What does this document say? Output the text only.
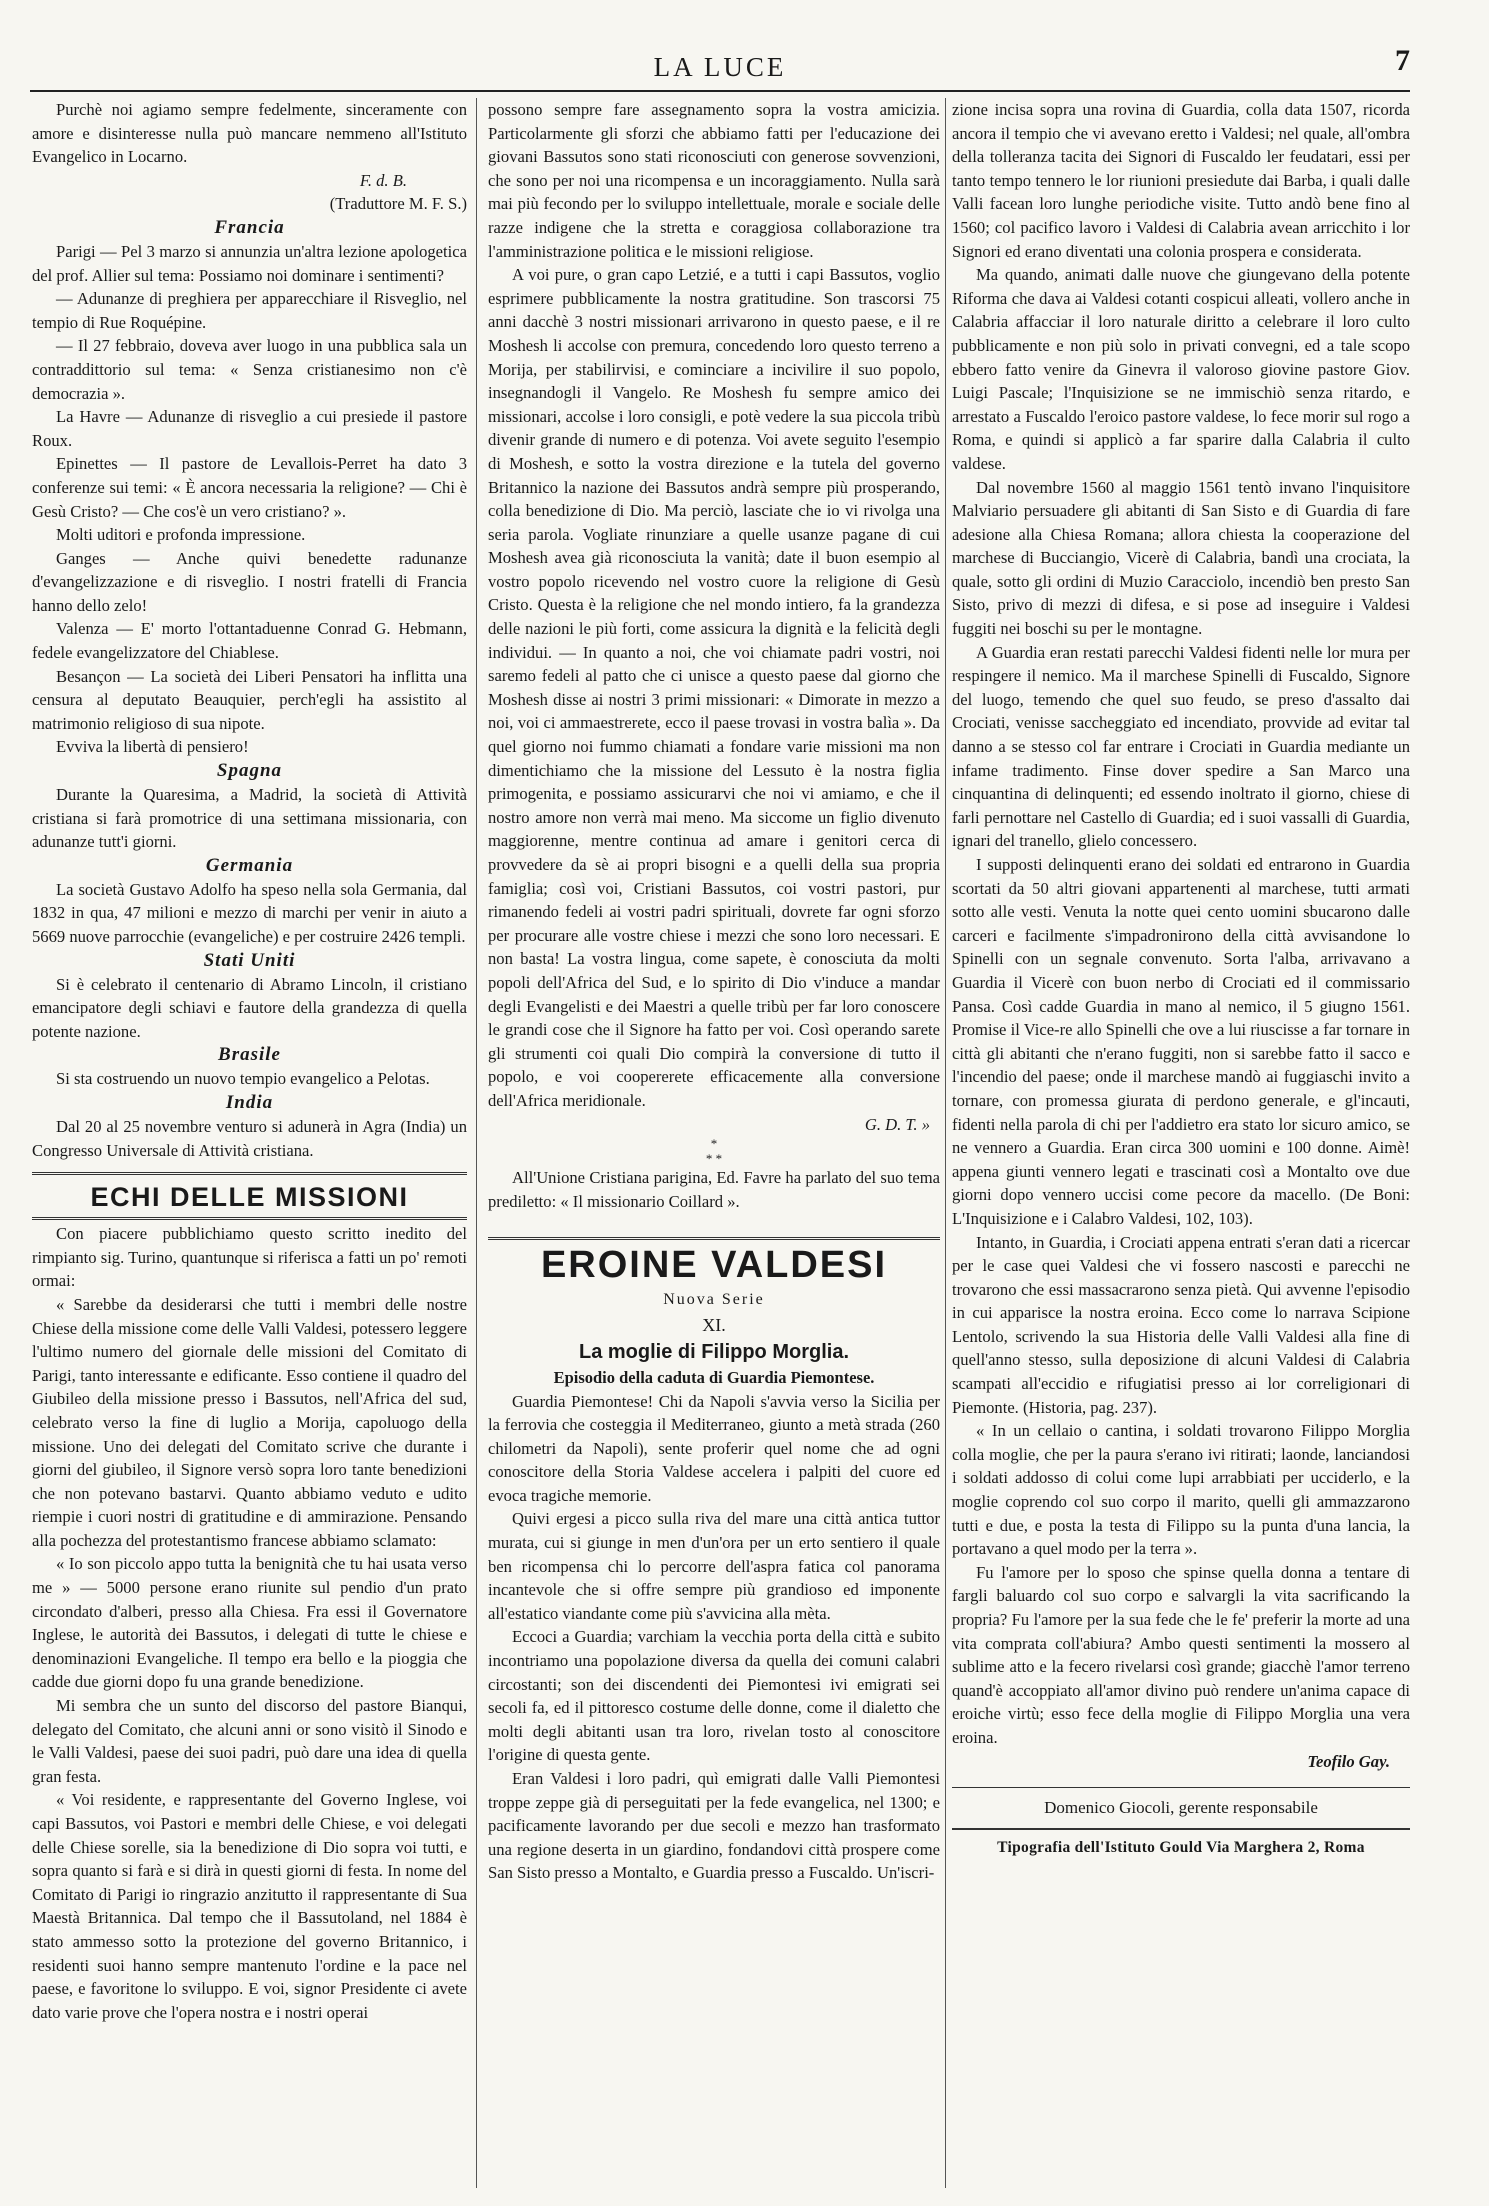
LA LUCE	7

Purchè noi agiamo sempre fedelmente, sinceramente con amore e disinteresse nulla può mancare nemmeno all'Istituto Evangelico in Locarno.

F. d. B.

(Traduttore M. F. S.)

Francia

Parigi — Pel 3 marzo si annunzia un'altra lezione apologetica del prof. Allier sul tema: Possiamo noi dominare i sentimenti?

— Adunanze di preghiera per apparecchiare il Risveglio, nel tempio di Rue Roquépine.

— Il 27 febbraio, doveva aver luogo in una pubblica sala un contraddittorio sul tema: « Senza cristianesimo non c'è democrazia ».

La Havre — Adunanze di risveglio a cui presiede il pastore Roux.

Epinettes — Il pastore de Levallois-Perret ha dato 3 conferenze sui temi: « È ancora necessaria la religione? — Chi è Gesù Cristo? — Che cos'è un vero cristiano? ».

Molti uditori e profonda impressione.

Ganges — Anche quivi benedette radunanze d'evangelizzazione e di risveglio. I nostri fratelli di Francia hanno dello zelo!

Valenza — E' morto l'ottantaduenne Conrad G. Hebmann, fedele evangelizzatore del Chiablese.

Besançon — La società dei Liberi Pensatori ha inflitta una censura al deputato Beauquier, perch'egli ha assistito al matrimonio religioso di sua nipote.

Evviva la libertà di pensiero!

Spagna

Durante la Quaresima, a Madrid, la società di Attività cristiana si farà promotrice di una settimana missionaria, con adunanze tutt'i giorni.

Germania

La società Gustavo Adolfo ha speso nella sola Germania, dal 1832 in qua, 47 milioni e mezzo di marchi per venir in aiuto a 5669 nuove parrocchie (evangeliche) e per costruire 2426 templi.

Stati Uniti

Si è celebrato il centenario di Abramo Lincoln, il cristiano emancipatore degli schiavi e fautore della grandezza di quella potente nazione.

Brasile

Si sta costruendo un nuovo tempio evangelico a Pelotas.

India

Dal 20 al 25 novembre venturo si adunerà in Agra (India) un Congresso Universale di Attività cristiana.

ECHI DELLE MISSIONI

Con piacere pubblichiamo questo scritto inedito del rimpianto sig. Turino, quantunque si riferisca a fatti un po' remoti ormai:

« Sarebbe da desiderarsi che tutti i membri delle nostre Chiese della missione come delle Valli Valdesi, potessero leggere l'ultimo numero del giornale delle missioni del Comitato di Parigi, tanto interessante e edificante. Esso contiene il quadro del Giubileo della missione presso i Bassutos, nell'Africa del sud, celebrato verso la fine di luglio a Morija, capoluogo della missione. Uno dei delegati del Comitato scrive che durante i giorni del giubileo, il Signore versò sopra loro tante benedizioni che non potevano bastarvi. Quanto abbiamo veduto e udito riempie i cuori nostri di gratitudine e di ammirazione. Pensando alla pochezza del protestantismo francese abbiamo sclamato:

« Io son piccolo appo tutta la benignità che tu hai usata verso me » — 5000 persone erano riunite sul pendio d'un prato circondato d'alberi, presso alla Chiesa. Fra essi il Governatore Inglese, le autorità dei Bassutos, i delegati di tutte le chiese e denominazioni Evangeliche. Il tempo era bello e la pioggia che cadde due giorni dopo fu una grande benedizione.

Mi sembra che un sunto del discorso del pastore Bianqui, delegato del Comitato, che alcuni anni or sono visitò il Sinodo e le Valli Valdesi, paese dei suoi padri, può dare una idea di quella gran festa.

« Voi residente, e rappresentante del Governo Inglese, voi capi Bassutos, voi Pastori e membri delle Chiese, e voi delegati delle Chiese sorelle, sia la benedizione di Dio sopra voi tutti, e sopra quanto si farà e si dirà in questi giorni di festa. In nome del Comitato di Parigi io ringrazio anzitutto il rappresentante di Sua Maestà Britannica. Dal tempo che il Bassutoland, nel 1884 è stato ammesso sotto la protezione del governo Britannico, i residenti suoi hanno sempre mantenuto l'ordine e la pace nel paese, e favoritone lo sviluppo. E voi, signor Presidente ci avete dato varie prove che l'opera nostra e i nostri operai

possono sempre fare assegnamento sopra la vostra amicizia. Particolarmente gli sforzi che abbiamo fatti per l'educazione dei giovani Bassutos sono stati riconosciuti con generose sovvenzioni, che sono per noi una ricompensa e un incoraggiamento. Nulla sarà mai più fecondo per lo sviluppo intellettuale, morale e sociale delle razze indigene che la stretta e coraggiosa collaborazione tra l'amministrazione politica e le missioni religiose.

A voi pure, o gran capo Letzié, e a tutti i capi Bassutos, voglio esprimere pubblicamente la nostra gratitudine. Son trascorsi 75 anni dacchè 3 nostri missionari arrivarono in questo paese, e il re Moshesh li accolse con premura, concedendo loro questo terreno a Morija, per stabilirvisi, e cominciare a incivilire il suo popolo, insegnandogli il Vangelo. Re Moshesh fu sempre amico dei missionari, accolse i loro consigli, e potè vedere la sua piccola tribù divenir grande di numero e di potenza. Voi avete seguito l'esempio di Moshesh, e sotto la vostra direzione e la tutela del governo Britannico la nazione dei Bassutos andrà sempre più prosperando, colla benedizione di Dio. Ma perciò, lasciate che io vi rivolga una seria parola. Vogliate rinunziare a quelle usanze pagane di cui Moshesh avea già riconosciuta la vanità; date il buon esempio al vostro popolo ricevendo nel vostro cuore la religione di Gesù Cristo. Questa è la religione che nel mondo intiero, fa la grandezza delle nazioni le più forti, come assicura la dignità e la felicità degli individui. — In quanto a noi, che voi chiamate padri vostri, noi saremo fedeli al patto che ci unisce a questo paese dal giorno che Moshesh disse ai nostri 3 primi missionari: « Dimorate in mezzo a noi, voi ci ammaestrerete, ecco il paese trovasi in vostra balìa ». Da quel giorno noi fummo chiamati a fondare varie missioni ma non dimentichiamo che la missione del Lessuto è la nostra figlia primogenita, e possiamo assicurarvi che noi vi amiamo, e che il nostro amore non verrà mai meno. Ma siccome un figlio divenuto maggiorenne, mentre continua ad amare i genitori cerca di provvedere da sè ai propri bisogni e a quelli della sua propria famiglia; così voi, Cristiani Bassutos, coi vostri pastori, pur rimanendo fedeli ai vostri padri spirituali, dovrete far ogni sforzo per procurare alle vostre chiese i mezzi che sono loro necessari. E non basta! La vostra lingua, come sapete, è conosciuta da molti popoli dell'Africa del Sud, e lo spirito di Dio v'induce a mandar degli Evangelisti e dei Maestri a quelle tribù per far loro conoscere le grandi cose che il Signore ha fatto per voi. Così operando sarete gli strumenti coi quali Dio compirà la conversione di tutto il popolo, e voi coopererete efficacemente alla conversione dell'Africa meridionale.

G. D. T. »

*
* *

All'Unione Cristiana parigina, Ed. Favre ha parlato del suo tema prediletto: « Il missionario Coillard ».

EROINE VALDESI

Nuova Serie

XI.

La moglie di Filippo Morglia.

Episodio della caduta di Guardia Piemontese.

Guardia Piemontese! Chi da Napoli s'avvia verso la Sicilia per la ferrovia che costeggia il Mediterraneo, giunto a metà strada (260 chilometri da Napoli), sente proferir quel nome che ad ogni conoscitore della Storia Valdese accelera i palpiti del cuore ed evoca tragiche memorie.

Quivi ergesi a picco sulla riva del mare una città antica tuttor murata, cui si giunge in men d'un'ora per un erto sentiero il quale ben ricompensa chi lo percorre dell'aspra fatica col panorama incantevole che si offre sempre più grandioso ed imponente all'estatico viandante come più s'avvicina alla mèta.

Eccoci a Guardia; varchiam la vecchia porta della città e subito incontriamo una popolazione diversa da quella dei comuni calabri circostanti; son dei discendenti dei Piemontesi ivi emigrati sei secoli fa, ed il pittoresco costume delle donne, come il dialetto che molti degli abitanti usan tra loro, rivelan tosto al conoscitore l'origine di questa gente.

Eran Valdesi i loro padri, quì emigrati dalle Valli Piemontesi troppe zeppe già di perseguitati per la fede evangelica, nel 1300; e pacificamente lavorando per due secoli e mezzo han trasformato una regione deserta in un giardino, fondandovi città prospere come San Sisto presso a Montalto, e Guardia presso a Fuscaldo. Un'iscri-

zione incisa sopra una rovina di Guardia, colla data 1507, ricorda ancora il tempio che vi avevano eretto i Valdesi; nel quale, all'ombra della tolleranza tacita dei Signori di Fuscaldo ler feudatari, essi per tanto tempo tennero le lor riunioni presiedute dai Barba, i quali dalle Valli facean loro lunghe periodiche visite. Tutto andò bene fino al 1560; col pacifico lavoro i Valdesi di Calabria avean arricchito i lor Signori ed erano diventati una colonia prospera e considerata.

Ma quando, animati dalle nuove che giungevano della potente Riforma che dava ai Valdesi cotanti cospicui alleati, vollero anche in Calabria affacciar il loro naturale diritto a celebrare il loro culto pubblicamente e non più solo in privati convegni, ed a tale scopo ebbero fatto venire da Ginevra il valoroso giovine pastore Giov. Luigi Pascale; l'Inquisizione se ne immischiò senza ritardo, e arrestato a Fuscaldo l'eroico pastore valdese, lo fece morir sul rogo a Roma, e quindi si applicò a far sparire dalla Calabria il culto valdese.

Dal novembre 1560 al maggio 1561 tentò invano l'inquisitore Malviario persuadere gli abitanti di San Sisto e di Guardia di fare adesione alla Chiesa Romana; allora chiesta la cooperazione del marchese di Bucciangio, Vicerè di Calabria, bandì una crociata, la quale, sotto gli ordini di Muzio Caracciolo, incendiò ben presto San Sisto, privo di mezzi di difesa, e si pose ad inseguire i Valdesi fuggiti nei boschi su per le montagne.

A Guardia eran restati parecchi Valdesi fidenti nelle lor mura per respingere il nemico. Ma il marchese Spinelli di Fuscaldo, Signore del luogo, temendo che quel suo feudo, se preso d'assalto dai Crociati, venisse saccheggiato ed incendiato, provvide ad evitar tal danno a se stesso col far entrare i Crociati in Guardia mediante un infame tradimento. Finse dover spedire a San Marco una cinquantina di delinquenti; ed essendo inoltrato il giorno, chiese di farli pernottare nel Castello di Guardia; ed i suoi vassalli di Guardia, ignari del tranello, glielo concessero.

I supposti delinquenti erano dei soldati ed entrarono in Guardia scortati da 50 altri giovani appartenenti al marchese, tutti armati sotto alle vesti. Venuta la notte quei cento uomini sbucarono dalle carceri e facilmente s'impadronirono della città avvisandone lo Spinelli con un segnale convenuto. Sorta l'alba, arrivavano a Guardia il Vicerè con buon nerbo di Crociati ed il commissario Pansa. Così cadde Guardia in mano al nemico, il 5 giugno 1561. Promise il Vice-re allo Spinelli che ove a lui riuscisse a far tornare in città gli abitanti che n'erano fuggiti, non si sarebbe fatto il sacco e l'incendio del paese; onde il marchese mandò ai fuggiaschi invito a tornare, con promessa giurata di perdono generale, e gl'incauti, fidenti nella parola di chi per l'addietro era stato lor sicuro amico, se ne vennero a Guardia. Eran circa 300 uomini e 100 donne. Aimè! appena giunti vennero legati e trascinati così a Montalto ove due giorni dopo vennero uccisi come pecore da macello. (De Boni: L'Inquisizione e i Calabro Valdesi, 102, 103).

Intanto, in Guardia, i Crociati appena entrati s'eran dati a ricercar per le case quei Valdesi che vi fossero nascosti e parecchi ne trovarono che essi massacrarono senza pietà. Qui avvenne l'episodio in cui apparisce la nostra eroina. Ecco come lo narrava Scipione Lentolo, scrivendo la sua Historia delle Valli Valdesi alla fine di quell'anno stesso, sulla deposizione di alcuni Valdesi di Calabria scampati all'eccidio e rifugiatisi presso ai lor correligionari di Piemonte. (Historia, pag. 237).

« In un cellaio o cantina, i soldati trovarono Filippo Morglia colla moglie, che per la paura s'erano ivi ritirati; laonde, lanciandosi i soldati addosso di colui come lupi arrabbiati per ucciderlo, e la moglie coprendo col suo corpo il marito, quelli gli ammazzarono tutti e due, e posta la testa di Filippo su la punta d'una lancia, la portavano a quel modo per la terra ».

Fu l'amore per lo sposo che spinse quella donna a tentare di fargli baluardo col suo corpo e salvargli la vita sacrificando la propria? Fu l'amore per la sua fede che le fe' preferir la morte ad una vita comprata coll'abiura? Ambo questi sentimenti la mossero al sublime atto e la fecero rivelarsi così grande; giacchè l'amor terreno quand'è accoppiato all'amor divino può rendere un'anima capace di eroiche virtù; esso fece della moglie di Filippo Morglia una vera eroina.

Teofilo Gay.

Domenico Giocoli, gerente responsabile

Tipografia dell'Istituto Gould Via Marghera 2, Roma
